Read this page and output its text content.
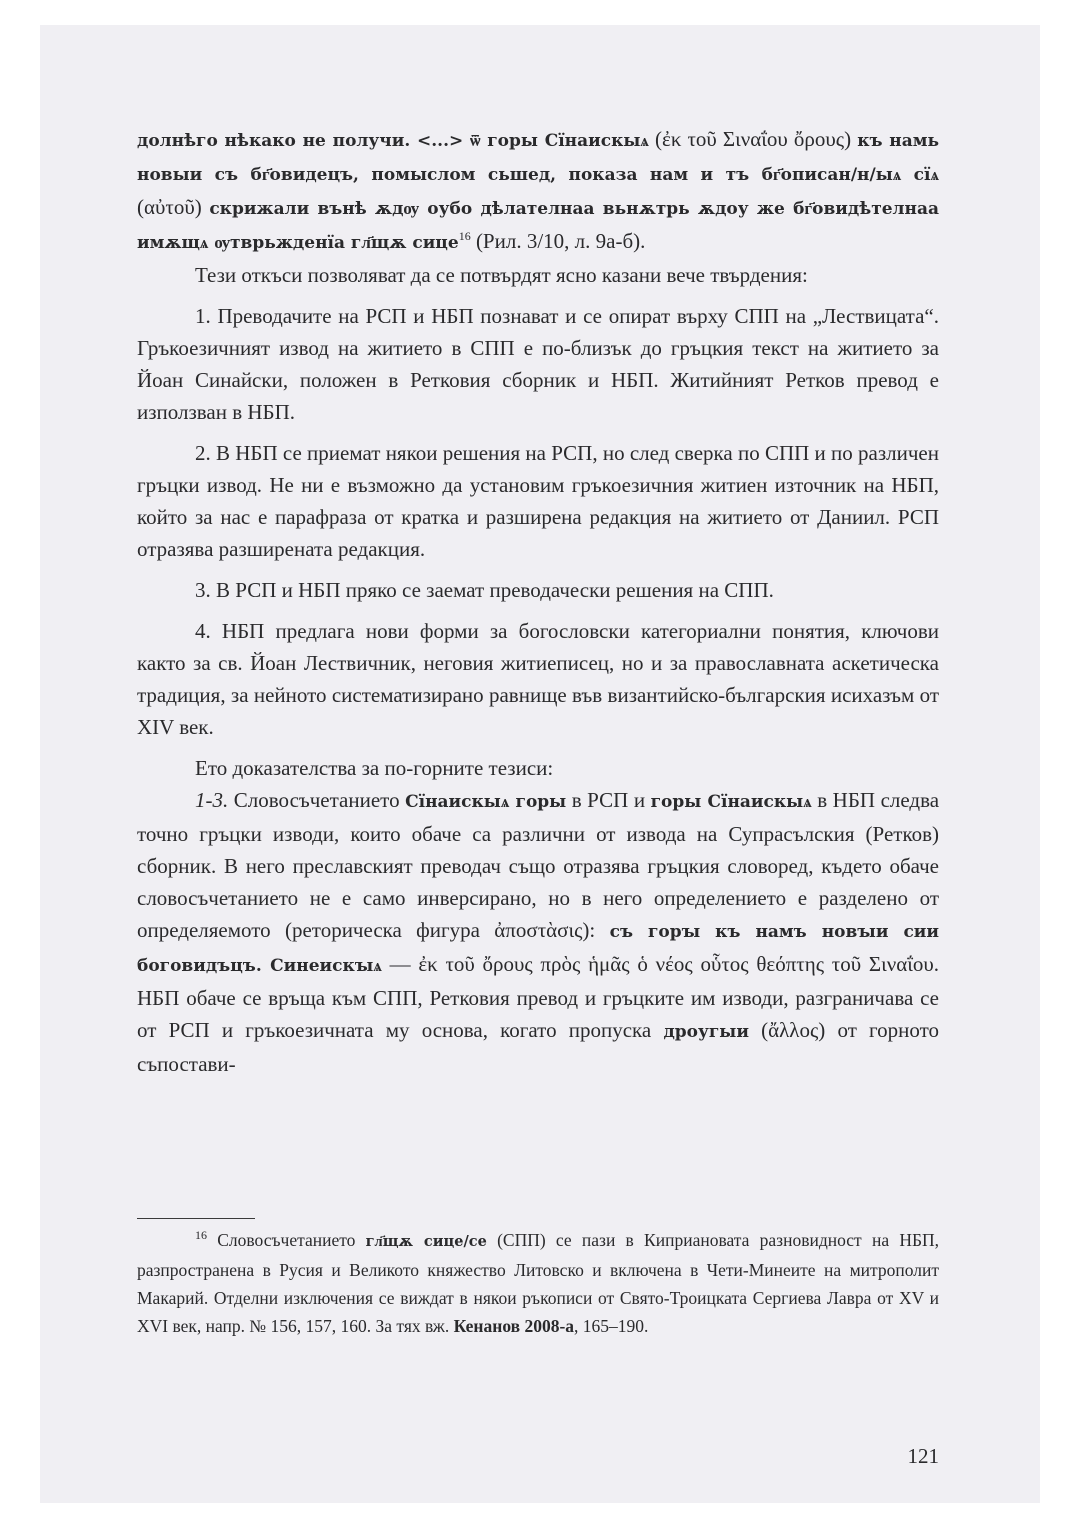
долнѣго нѣкако не получи. <...> ѿ горы Сїнаискыѧ (ἐκ τοῦ Σιναΐου ὄρους) къ намь новыи съ бг҃овидецъ, помыслом сьшед, показа нам и тъ бг҃описан/н/ыѧ сїѧ (αὐτοῦ) скрижали вънѣ ѫдѹ оубо дѣлателнаа вьнѫтрь ѫдоу же бг҃овидѣтелнаа имѫщѧ ѹтврьжденїа гл҃щѫ сице$^{16}$ (Рил. 3/10, л. 9а-б).

Тези откъси позволяват да се потвърдят ясно казани вече твърдения:

1. Преводачите на РСП и НБП познават и се опират върху СПП на „Лествицата“. Гръкоезичният извод на житието в СПП е по-близък до гръцкия текст на житието за Йоан Синайски, положен в Ретковия сборник и НБП. Житийният Ретков превод е използван в НБП.

2. В НБП се приемат някои решения на РСП, но след сверка по СПП и по различен гръцки извод. Не ни е възможно да установим гръкоезичния житиен източник на НБП, който за нас е парафраза от кратка и разширена редакция на житието от Даниил. РСП отразява разширената редакция.

3. В РСП и НБП пряко се заемат преводачески решения на СПП.

4. НБП предлага нови форми за богословски категориални понятия, ключови както за св. Йоан Лествичник, неговия житиеписец, но и за православната аскетическа традиция, за нейното систематизирано равнище във византийско-българския исихазъм от XIV век.

Ето доказателства за по-горните тезиси:

1-3. Словосъчетанието Сїнаискыѧ горы в РСП и горы Сїнаискыѧ в НБП следва точно гръцки изводи, които обаче са различни от извода на Супрасълския (Ретков) сборник. В него преславският преводач също отразява гръцкия словоред, където обаче словосъчетанието не е само инверсирано, но в него определението е разделено от определяемото (реторическа фигура ἀποστὰσις): съ горꙑ къ намъ новꙑи сии боговидъцъ. Синеискꙑѧ — ἐκ τοῦ ὄρους πρὸς ἡμᾶς ὁ νέος οὗτος θεόπτης τοῦ Σιναΐου. НБП обаче се връща към СПП, Ретковия превод и гръцките им изводи, разграничава се от РСП и гръкоезичната му основа, когато пропуска дроугыи (ἄλλος) от горното съпостави-

$^{16}$ Словосъчетанието гл҃щѫ сице/се (СПП) се пази в Киприановата разновидност на НБП, разпространена в Русия и Великото княжество Литовско и включена в Чети-Минеите на митрополит Макарий. Отделни изключения се виждат в някои ръкописи от Свято-Троицката Сергиева Лавра от XV и XVI век, напр. № 156, 157, 160. За тях вж. Кенанов 2008-а, 165–190.
121
